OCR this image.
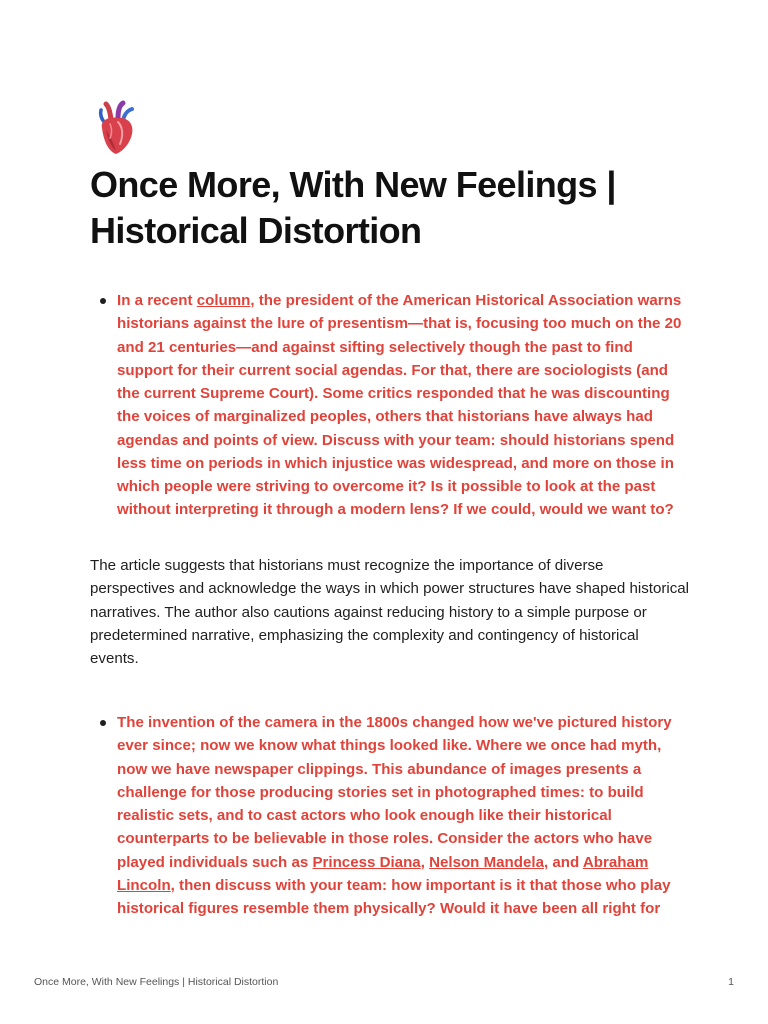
Once More, With New Feelings | Historical Distortion
In a recent column, the president of the American Historical Association warns historians against the lure of presentism—that is, focusing too much on the 20 and 21 centuries—and against sifting selectively though the past to find support for their current social agendas. For that, there are sociologists (and the current Supreme Court). Some critics responded that he was discounting the voices of marginalized peoples, others that historians have always had agendas and points of view. Discuss with your team: should historians spend less time on periods in which injustice was widespread, and more on those in which people were striving to overcome it? Is it possible to look at the past without interpreting it through a modern lens? If we could, would we want to?

The article suggests that historians must recognize the importance of diverse perspectives and acknowledge the ways in which power structures have shaped historical narratives. The author also cautions against reducing history to a simple purpose or predetermined narrative, emphasizing the complexity and contingency of historical events.

The invention of the camera in the 1800s changed how we've pictured history ever since; now we know what things looked like. Where we once had myth, now we have newspaper clippings. This abundance of images presents a challenge for those producing stories set in photographed times: to build realistic sets, and to cast actors who look enough like their historical counterparts to be believable in those roles. Consider the actors who have played individuals such as Princess Diana, Nelson Mandela, and Abraham Lincoln, then discuss with your team: how important is it that those who play historical figures resemble them physically? Would it have been all right for
Once More, With New Feelings | Historical Distortion	1
